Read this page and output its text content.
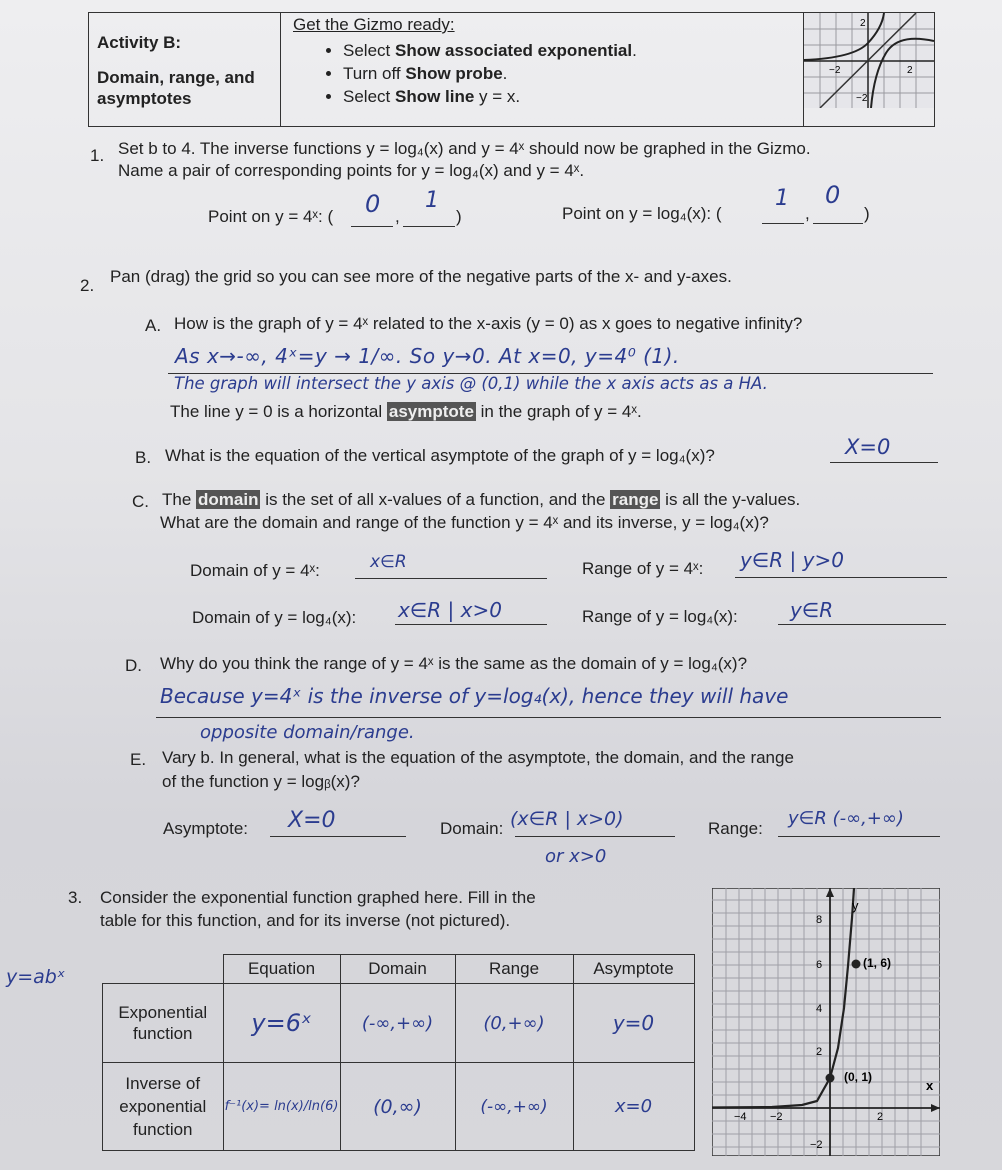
Activity B:
Domain, range, and asymptotes

Get the Gizmo ready:
• Select Show associated exponential.
• Turn off Show probe.
• Select Show line y = x.

2
2
−2
−2
1. Set b to 4. The inverse functions y = log₄(x) and y = 4ˣ should now be graphed in the Gizmo.
Name a pair of corresponding points for y = log₄(x) and y = 4ˣ.
Point on y = 4ˣ: ( 0 ,
1
)	Point on y = log₄(x): (
1
,
0
)
2. Pan (drag) the grid so you can see more of the negative parts of the x- and y-axes.
A. How is the graph of y = 4ˣ related to the x-axis (y = 0) as x goes to negative infinity?
As x→-∞, 4ˣ=y → 1/∞. So y→0. At x=0, y=4⁰ (1).
The graph will intersect the y axis @ (0,1) while the x axis acts as a HA.
The line y = 0 is a horizontal asymptote in the graph of y = 4ˣ.
B. What is the equation of the vertical asymptote of the graph of y = log₄(x)?	X=0
C. The domain is the set of all x-values of a function, and the range is all the y-values.
What are the domain and range of the function y = 4ˣ and its inverse, y = log₄(x)?
Domain of y = 4ˣ:	x∈R	Range of y = 4ˣ: y∈R | y>0
Domain of y = log₄(x): x∈R | x>0	Range of y = log₄(x):	y∈R
D. Why do you think the range of y = 4ˣ is the same as the domain of y = log₄(x)?
Because y=4ˣ is the inverse of y=log₄(x), hence they will have
opposite domain/range.
E. Vary b. In general, what is the equation of the asymptote, the domain, and the range
of the function y = logᵦ(x)?
Asymptote: X=0	Domain: (x∈R | x>0)
or x>0
Range: y∈R (-∞,+∞)
3. Consider the exponential function graphed here. Fill in the
table for this function, and for its inverse (not pictured).
y=abˣ
		Equation	Domain	Range	Asymptote
Exponential function	y=6ˣ	(-∞,+∞)	(0,+∞)	y=0
Inverse of exponential function	f⁻¹(x)= ln(x)/ln(6)	(0,∞)	(-∞,+∞)	x=0
y
x
(1, 6)
(0, 1)
8
6
4
2
−2
−4 −2	2
